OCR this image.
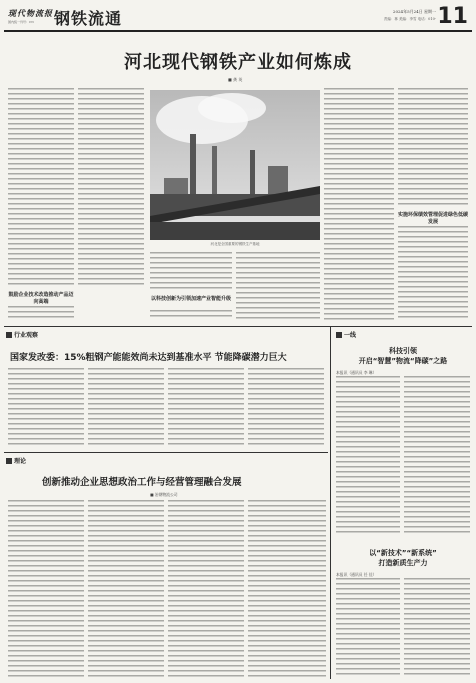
现代物流报
国内统一刊号：CN 钢铁流通	2024年5月24日 星期一
责编：林 美编：李雪 电话：010- 11
河北现代钢铁产业如何炼成
■ 龚 英
河北是全国重要的钢铁生产基地
鼓励企业技术改造推动产品迈向高端	以科技创新为引领加速产业智能升级
实施环保绩效管理促进绿色低碳发展
行业观察
国家发改委：15%粗钢产能能效尚未达到基准水平 节能降碳潜力巨大
一线
科技引领
开启“智慧”物流“降碳”之路
本报讯（通讯员 李 琳）
以“新技术”“新系统”
打造新质生产力
本报讯（通讯员 任 佳）
理论
创新推动企业思想政治工作与经营管理融合发展
■ 冶钢物流公司
